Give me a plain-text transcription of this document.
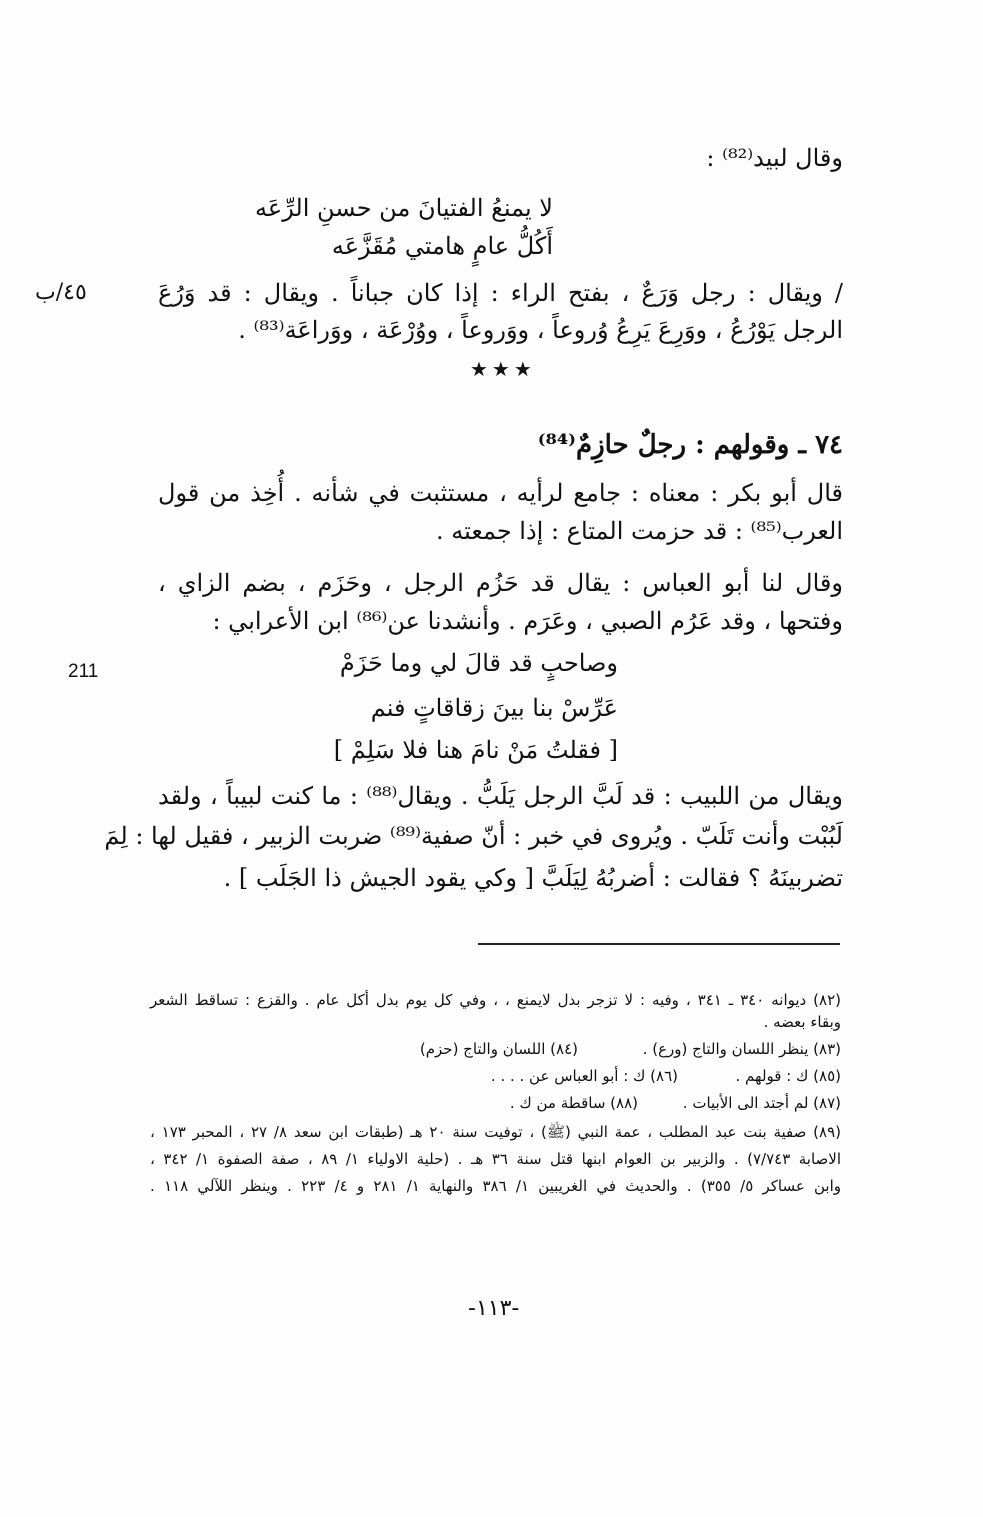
وقال لبيد⁽⁸²⁾ :
لا يمنعُ الفتيانَ من حسنِ الرِّعَه
أَكُلُّ عامٍ هامتي مُقَزَّعَه
٤٥/ب	/ ويقال : رجل وَرَعٌ ، بفتح الراء : إذا كان جباناً . ويقال : قد وَرُعَ
الرجل يَوْرُعُ ، ووَرِعَ يَرِعُ وُروعاً ، ووَروعاً ، ووُرْعَة ، ووَراعَة⁽⁸³⁾ .
★★★
٧٤ ـ وقولهم : رجلٌ حازِمٌ⁽⁸⁴⁾
قال أبو بكر : معناه : جامع لرأيه ، مستثبت في شأنه . أُخِذ من قول
العرب⁽⁸⁵⁾ : قد حزمت المتاع : إذا جمعته .
وقال لنا أبو العباس : يقال قد حَزُم الرجل ، وحَزَم ، بضم الزاي ،
وفتحها ، وقد عَرُم الصبي ، وعَرَم . وأنشدنا عن⁽⁸⁶⁾ ابن الأعرابي :
211	وصاحبٍ قد قالَ لي وما حَزَمْ
عَرِّسْ بنا بينَ زقاقاتٍ فنم
[ فقلتُ مَنْ نامَ هنا فلا سَلِمْ ]
ويقال من اللبيب : قد لَبَّ الرجل يَلَبُّ . ويقال⁽⁸⁸⁾ : ما كنت لبيباً ، ولقد
لَبُبْت وأنت تَلَبّ . ويُروى في خبر : أنّ صفية⁽⁸⁹⁾ ضربت الزبير ، فقيل لها : لِمَ
تضربينَهُ ؟ فقالت : أضربُهُ لِيَلَبَّ [ وكي يقود الجيش ذا الجَلَب ] .
(٨٢) ديوانه ٣٤٠ ـ ٣٤١ ، وفيه : لا تزجر بدل لايمنع ، ، وفي كل يوم بدل أكل عام . والقزع : تساقط الشعر
وبقاء بعضه .
(٨٣) ينظر اللسان والتاج (ورع) .
(٨٤) اللسان والتاج (حزم)
(٨٥) ك : قولهم .
(٨٦) ك : أبو العباس عن . . . .
(٨٧) لم أجتد الى الأبيات .
(٨٨) ساقطة من ك .
(٨٩) صفية بنت عبد المطلب ، عمة النبي (ﷺ) ، توفيت سنة ٢٠ هـ (طبقات ابن سعد ٨/ ٢٧ ، المحبر ١٧٣ ،
الاصابة ٧/٧٤٣) . والزبير بن العوام ابنها قتل سنة ٣٦ هـ . (حلية الاولياء ١/ ٨٩ ، صفة الصفوة ١/ ٣٤٢ ،
وابن عساكر ٥/ ٣٥٥) . والحديث في الغريبين ١/ ٣٨٦ والنهاية ١/ ٢٨١ و ٤/ ٢٢٣ . وينظر اللآلي ١١٨ .
-١١٣-
